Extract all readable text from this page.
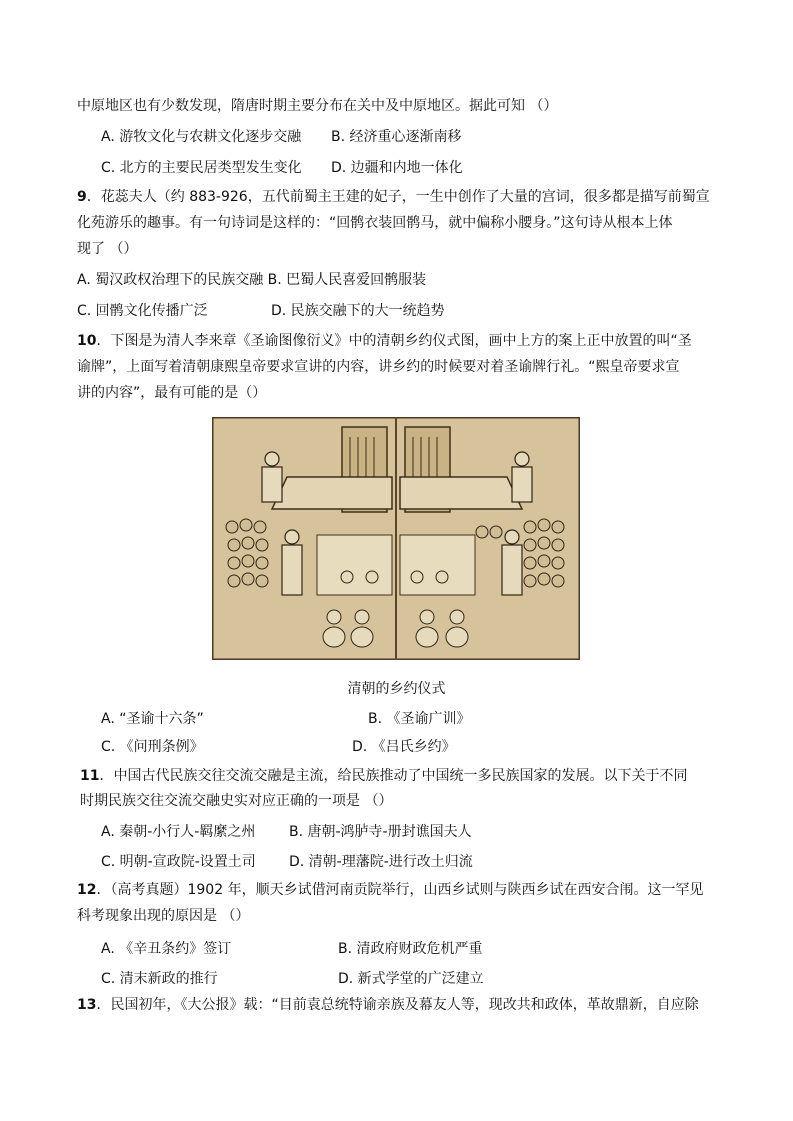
中原地区也有少数发现，隋唐时期主要分布在关中及中原地区。据此可知 （）
A. 游牧文化与农耕文化逐步交融 B. 经济重心逐渐南移
C. 北方的主要民居类型发生变化 D. 边疆和内地一体化
9．花蕊夫人（约 883-926，五代前蜀主王建的妃子，一生中创作了大量的宫词，很多都是描写前蜀宣
化苑游乐的趣事。有一句诗词是这样的：“回鹘衣装回鹘马，就中偏称小腰身。”这句诗从根本上体
现了 （）
A. 蜀汉政权治理下的民族交融 B. 巴蜀人民喜爱回鹘服装
C. 回鹘文化传播广泛	D. 民族交融下的大一统趋势
10．下图是为清人李来章《圣谕图像衍义》中的清朝乡约仪式图，画中上方的案上正中放置的叫“圣
谕牌”，上面写着清朝康熙皇帝要求宣讲的内容，讲乡约的时候要对着圣谕牌行礼。“熙皇帝要求宣
讲的内容”，最有可能的是（）
清朝的乡约仪式
A. “圣谕十六条”	B. 《圣谕广训》
C. 《问刑条例》	D. 《吕氏乡约》
11．中国古代民族交往交流交融是主流，给民族推动了中国统一多民族国家的发展。以下关于不同
时期民族交往交流交融史实对应正确的一项是 （）
A. 秦朝-小行人-羁縻之州 B. 唐朝-鸿胪寺-册封谯国夫人
C. 明朝-宣政院-设置土司 D. 清朝-理藩院-进行改土归流
12．（高考真题）1902 年，顺天乡试借河南贡院举行，山西乡试则与陕西乡试在西安合闱。这一罕见
科考现象出现的原因是 （）
A. 《辛丑条约》签订	B. 清政府财政危机严重
C. 清末新政的推行	D. 新式学堂的广泛建立
13．民国初年，《大公报》载：“目前袁总统特谕亲族及幕友人等，现改共和政体，革故鼎新，自应除
